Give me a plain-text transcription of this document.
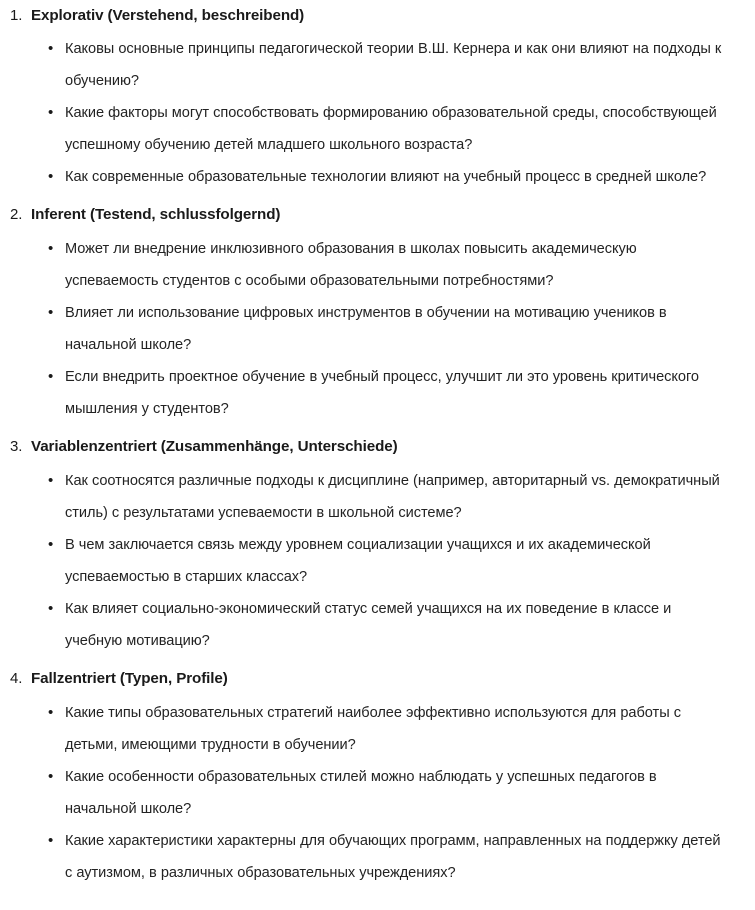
1. Explorativ (Verstehend, beschreibend)
• Каковы основные принципы педагогической теории В.Ш. Кернера и как они влияют на подходы к обучению?
• Какие факторы могут способствовать формированию образовательной среды, способствующей успешному обучению детей младшего школьного возраста?
• Как современные образовательные технологии влияют на учебный процесс в средней школе?
2. Inferent (Testend, schlussfolgernd)
• Может ли внедрение инклюзивного образования в школах повысить академическую успеваемость студентов с особыми образовательными потребностями?
• Влияет ли использование цифровых инструментов в обучении на мотивацию учеников в начальной школе?
• Если внедрить проектное обучение в учебный процесс, улучшит ли это уровень критического мышления у студентов?
3. Variablenzentriert (Zusammenhänge, Unterschiede)
• Как соотносятся различные подходы к дисциплине (например, авторитарный vs. демократичный стиль) с результатами успеваемости в школьной системе?
• В чем заключается связь между уровнем социализации учащихся и их академической успеваемостью в старших классах?
• Как влияет социально-экономический статус семей учащихся на их поведение в классе и учебную мотивацию?
4. Fallzentriert (Typen, Profile)
• Какие типы образовательных стратегий наиболее эффективно используются для работы с детьми, имеющими трудности в обучении?
• Какие особенности образовательных стилей можно наблюдать у успешных педагогов в начальной школе?
• Какие характеристики характерны для обучающих программ, направленных на поддержку детей с аутизмом, в различных образовательных учреждениях?
